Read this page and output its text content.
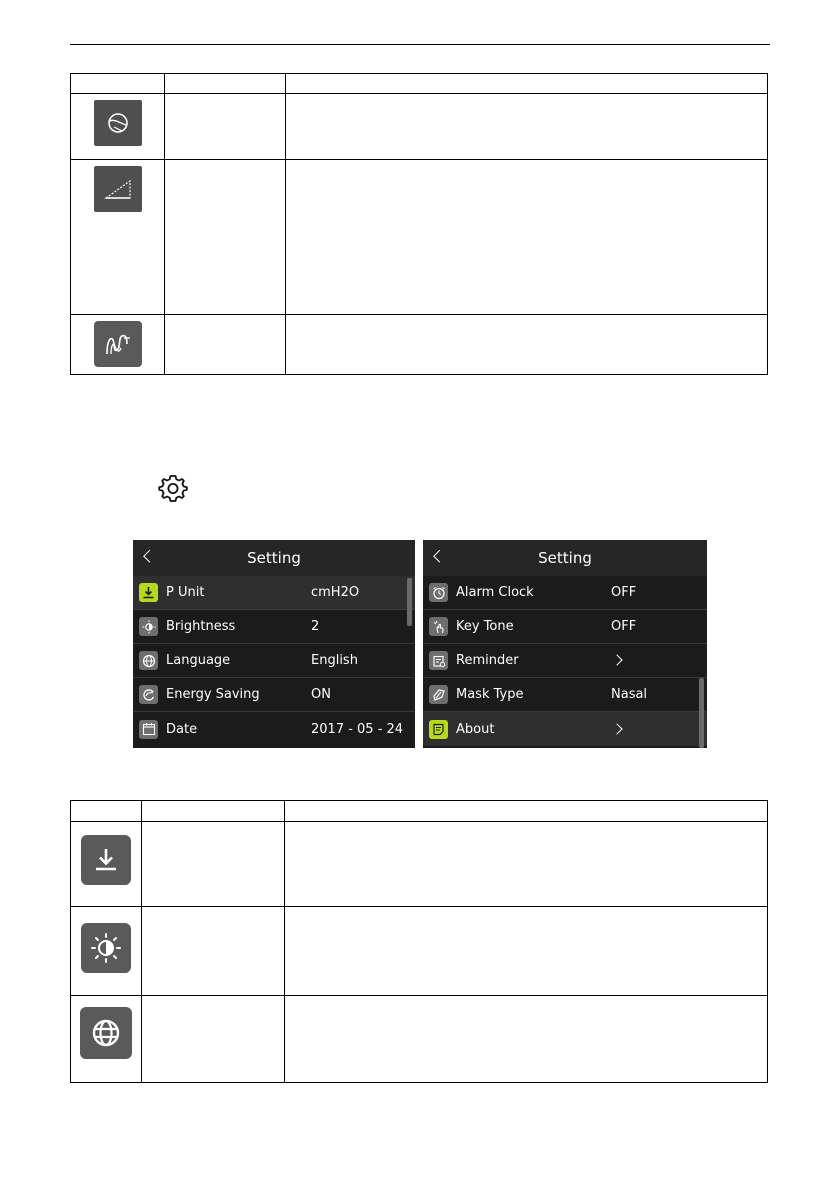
Setting
P Unit	cmH2O
Brightness	2
Language	English
Energy Saving	ON
Date	2017 - 05 - 24
Setting
Alarm Clock	OFF
Key Tone	OFF
Reminder
Mask Type	Nasal
About
